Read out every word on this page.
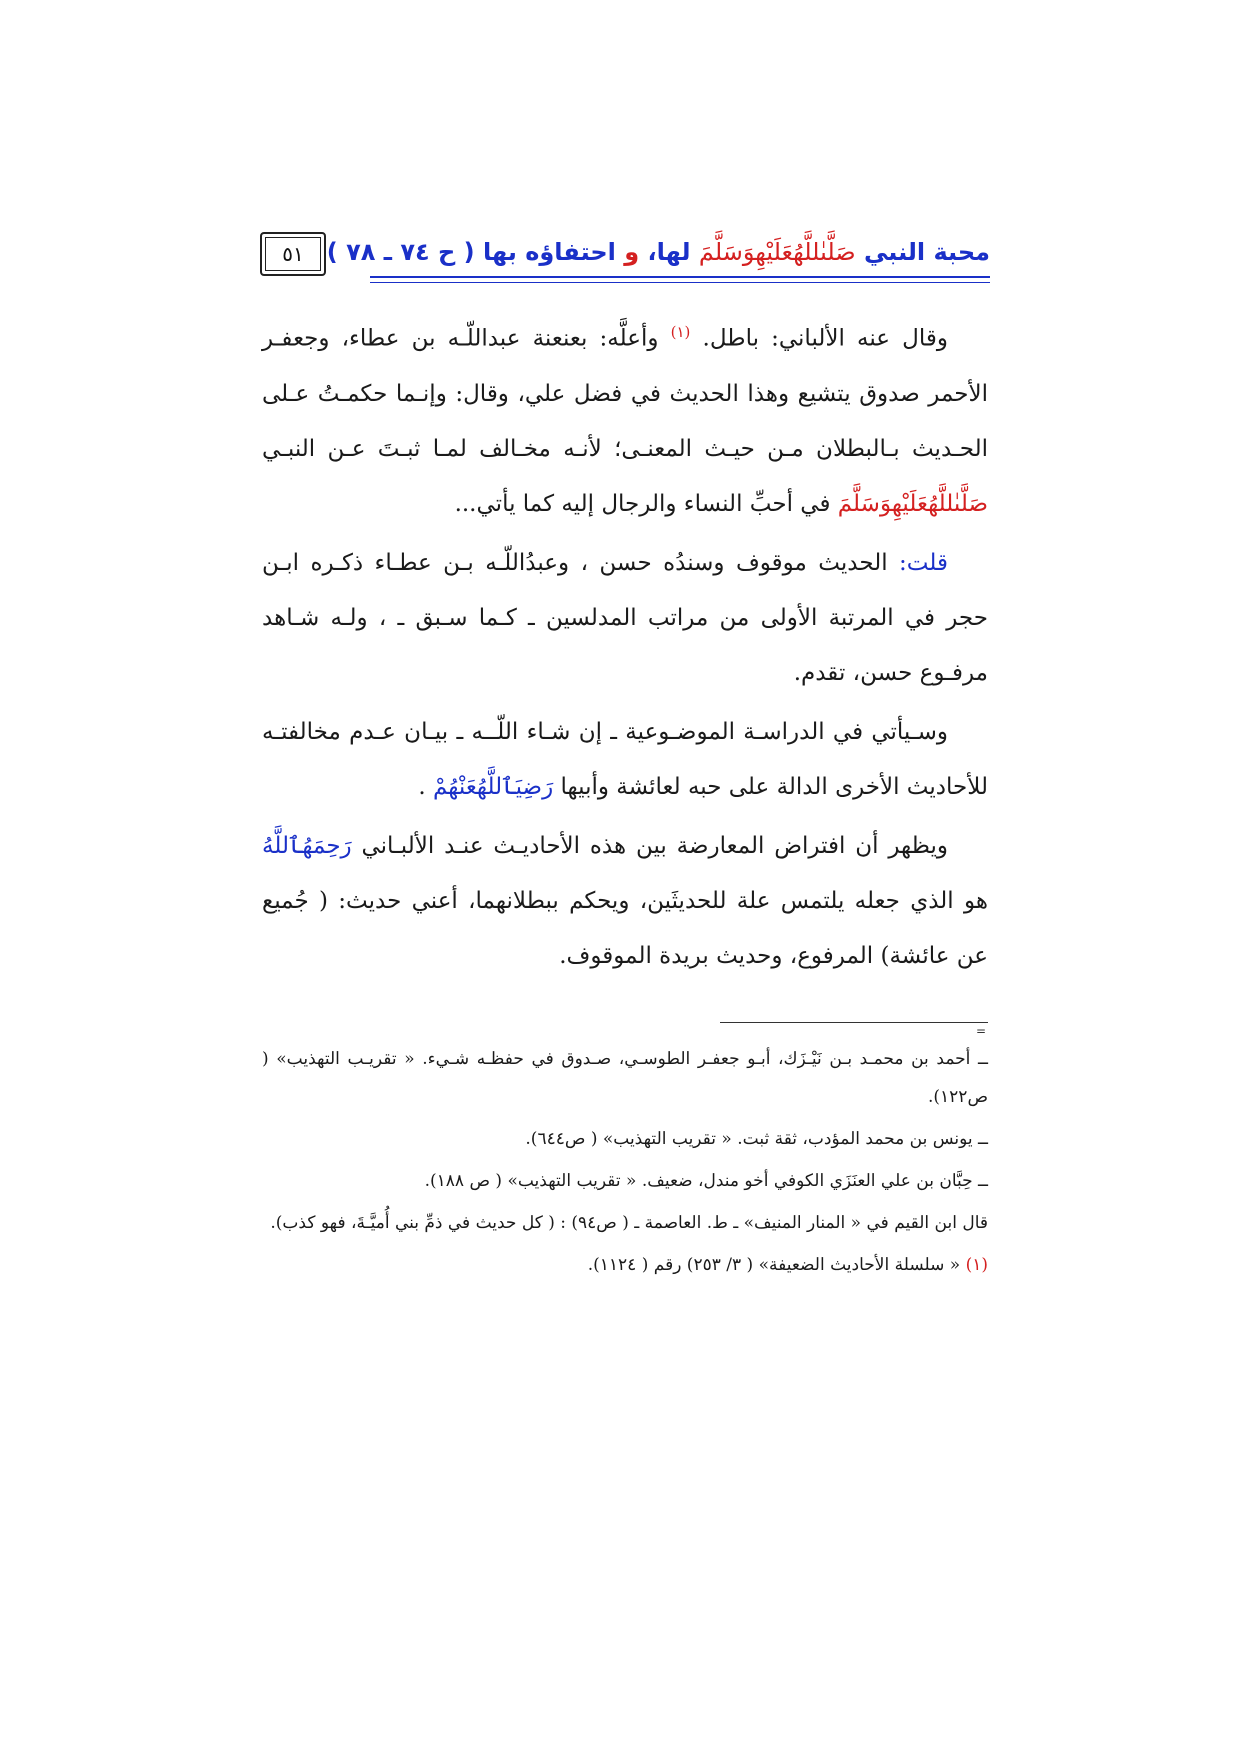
محبة النبي صَلَّىٰللَّهُعَلَيْهِوَسَلَّمَ لها، و احتفاؤه بها ( ح ٧٤ ـ ٧٨ )
٥١

وقال عنه الألباني: باطل. $^{(١)}$ وأعلَّه: بعنعنة عبداللّـه بن عطاء، وجعفـر الأحمر صدوق يتشيع وهذا الحديث في فضل علي، وقال: وإنـما حكمـتُ عـلى الحـديث بـالبطلان مـن حيـث المعنـى؛ لأنـه مخـالف لمـا ثبـتَ عـن النبـي صَلَّىٰللَّهُعَلَيْهِوَسَلَّمَ في أحبِّ النساء والرجال إليه كما يأتي...

قلت: الحديث موقوف وسندُه حسن ، وعبدُاللّـه بـن عطـاء ذكـره ابـن حجر في المرتبة الأولى من مراتب المدلسين ـ كـما سـبق ـ ، ولـه شـاهد مرفـوع حسن، تقدم.

وسـيأتي في الدراسـة الموضـوعية ـ إن شـاء اللّــه ـ بيـان عـدم مخالفتـه للأحاديث الأخرى الدالة على حبه لعائشة وأبيها رَضِيَٱللَّهُعَنْهُمْ .

ويظهر أن افتراض المعارضة بين هذه الأحاديـث عنـد الألبـاني رَحِمَهُٱللَّهُ هو الذي جعله يلتمس علة للحديثَين، ويحكم ببطلانهما، أعني حديث: ( جُميع عن عائشة) المرفوع، وحديث بريدة الموقوف.

=

ــ أحمد بن محمـد بـن نَيْـزَك، أبـو جعفـر الطوسـي، صـدوق في حفظـه شـيء. « تقريـب التهذيب» ( ص١٢٢).

ــ يونس بن محمد المؤدب، ثقة ثبت. « تقريب التهذيب» ( ص٦٤٤).

ــ حِبَّان بن علي العنَزَي الكوفي أخو مندل، ضعيف. « تقريب التهذيب» ( ص ١٨٨).

قال ابن القيم في « المنار المنيف» ـ ط. العاصمة ـ ( ص٩٤) : ( كل حديث في ذمِّ بني أُميَّـةَ، فهو كذب).

(١) « سلسلة الأحاديث الضعيفة» ( ٣/ ٢٥٣) رقم ( ١١٢٤).
